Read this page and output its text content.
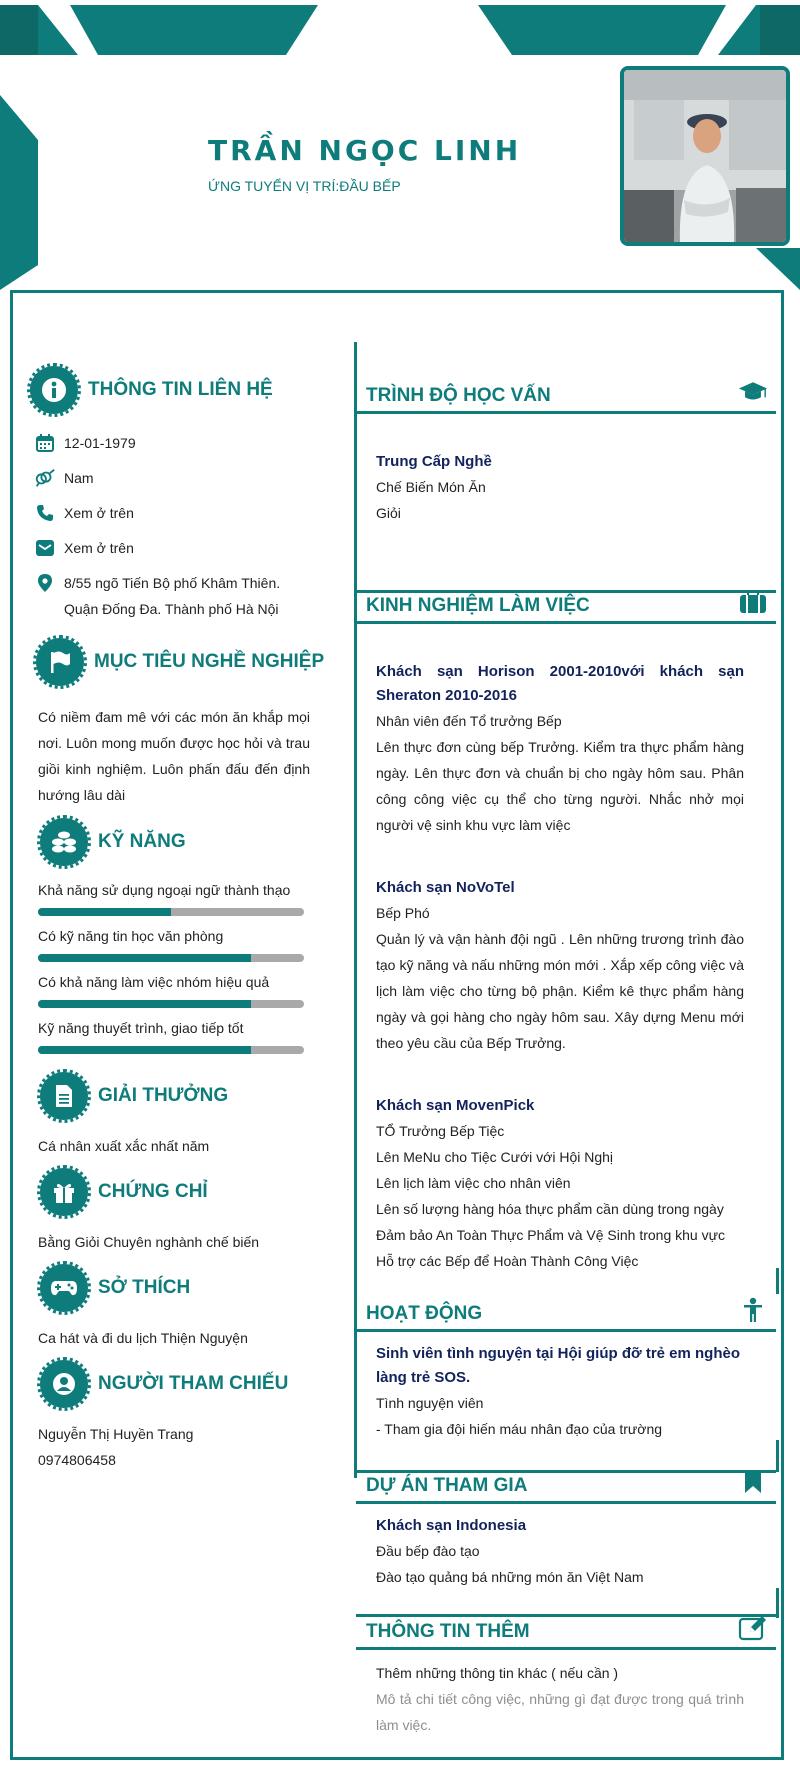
TRẦN NGỌC LINH
ỨNG TUYỂN VỊ TRÍ:ĐẦU BẾP
THÔNG TIN LIÊN HỆ
12-01-1979
Nam
Xem ở trên
Xem ở trên
8/55 ngõ Tiến Bộ phố Khâm Thiên. Quận Đống Đa. Thành phố Hà Nội
MỤC TIÊU NGHỀ NGHIỆP
Có niềm đam mê với các món ăn khắp mọi nơi. Luôn mong muốn được học hỏi và trau giồi kinh nghiệm. Luôn phấn đấu đến định hướng lâu dài
KỸ NĂNG
Khả năng sử dụng ngoại ngữ thành thạo
Có kỹ năng tin học văn phòng
Có khả năng làm việc nhóm hiệu quả
Kỹ năng thuyết trình, giao tiếp tốt
GIẢI THƯỞNG
Cá nhân xuất xắc nhất năm
CHỨNG CHỈ
Bằng Giỏi Chuyên nghành chế biến
SỞ THÍCH
Ca hát và đi du lịch Thiện Nguyện
NGƯỜI THAM CHIẾU
Nguyễn Thị Huyền Trang
0974806458
TRÌNH ĐỘ HỌC VẤN
Trung Cấp Nghề
Chế Biến Món Ăn
Giỏi
KINH NGHIỆM LÀM VIỆC
Khách sạn Horison 2001-2010với khách sạn Sheraton 2010-2016
Nhân viên đến Tổ trưởng Bếp
Lên thực đơn cùng bếp Trưởng. Kiểm tra thực phẩm hàng ngày. Lên thực đơn và chuẩn bị cho ngày hôm sau. Phân công công việc cụ thể cho từng người. Nhắc nhở mọi người vệ sinh khu vực làm việc
Khách sạn NoVoTel
Bếp Phó
Quản lý và vận hành đội ngũ . Lên những trương trình đào tạo kỹ năng và nấu những món mới . Xắp xếp công việc và lịch làm việc cho từng bộ phận. Kiểm kê thực phẩm hàng ngày và gọi hàng cho ngày hôm sau. Xây dựng Menu mới theo yêu cầu của Bếp Trưởng.
Khách sạn MovenPick
TỔ Trưởng Bếp Tiệc
Lên MeNu cho Tiệc Cưới với Hội Nghị
Lên lịch làm việc cho nhân viên
Lên số lượng hàng hóa thực phẩm cần dùng trong ngày
Đảm bảo An Toàn Thực Phẩm và Vệ Sinh trong khu vực
Hỗ trợ các Bếp để Hoàn Thành Công Việc
HOẠT ĐỘNG
Sinh viên tình nguyện tại Hội giúp đỡ trẻ em nghèo làng trẻ SOS.
Tình nguyện viên
- Tham gia đội hiến máu nhân đạo của trường
DỰ ÁN THAM GIA
Khách sạn Indonesia
Đầu bếp đào tạo
Đào tạo quảng bá những món ăn Việt Nam
THÔNG TIN THÊM
Thêm những thông tin khác ( nếu cần )
Mô tả chi tiết công việc, những gì đạt được trong quá trình làm việc.
